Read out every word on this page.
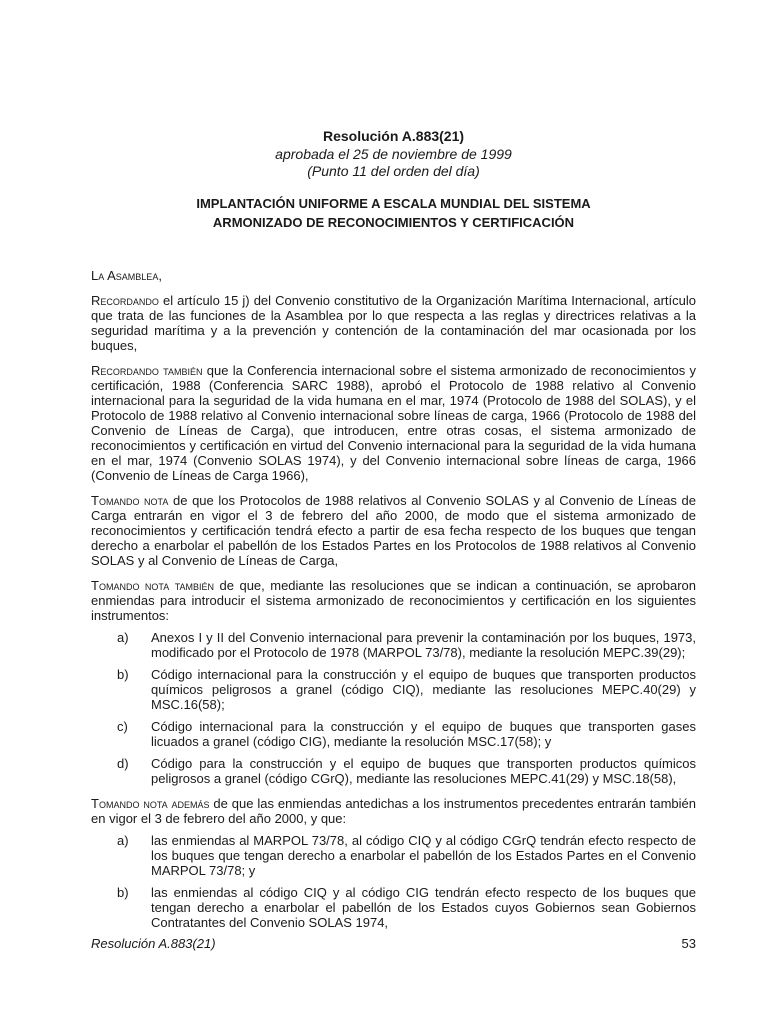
Resolución A.883(21)

aprobada el 25 de noviembre de 1999

(Punto 11 del orden del día)

IMPLANTACIÓN UNIFORME A ESCALA MUNDIAL DEL SISTEMA
ARMONIZADO DE RECONOCIMIENTOS Y CERTIFICACIÓN

La Asamblea,

Recordando el artículo 15 j) del Convenio constitutivo de la Organización Marítima Internacional, artículo que trata de las funciones de la Asamblea por lo que respecta a las reglas y directrices relativas a la seguridad marítima y a la prevención y contención de la contaminación del mar ocasionada por los buques,

Recordando también que la Conferencia internacional sobre el sistema armonizado de reconocimientos y certificación, 1988 (Conferencia SARC 1988), aprobó el Protocolo de 1988 relativo al Convenio internacional para la seguridad de la vida humana en el mar, 1974 (Protocolo de 1988 del SOLAS), y el Protocolo de 1988 relativo al Convenio internacional sobre líneas de carga, 1966 (Protocolo de 1988 del Convenio de Líneas de Carga), que introducen, entre otras cosas, el sistema armonizado de reconocimientos y certificación en virtud del Convenio internacional para la seguridad de la vida humana en el mar, 1974 (Convenio SOLAS 1974), y del Convenio internacional sobre líneas de carga, 1966 (Convenio de Líneas de Carga 1966),

Tomando nota de que los Protocolos de 1988 relativos al Convenio SOLAS y al Convenio de Líneas de Carga entrarán en vigor el 3 de febrero del año 2000, de modo que el sistema armonizado de reconocimientos y certificación tendrá efecto a partir de esa fecha respecto de los buques que tengan derecho a enarbolar el pabellón de los Estados Partes en los Protocolos de 1988 relativos al Convenio SOLAS y al Convenio de Líneas de Carga,

Tomando nota también de que, mediante las resoluciones que se indican a continuación, se aprobaron enmiendas para introducir el sistema armonizado de reconocimientos y certificación en los siguientes instrumentos:

a)	Anexos I y II del Convenio internacional para prevenir la contaminación por los buques, 1973, modificado por el Protocolo de 1978 (MARPOL 73/78), mediante la resolución MEPC.39(29);
b)	Código internacional para la construcción y el equipo de buques que transporten productos químicos peligrosos a granel (código CIQ), mediante las resoluciones MEPC.40(29) y MSC.16(58);
c)	Código internacional para la construcción y el equipo de buques que transporten gases licuados a granel (código CIG), mediante la resolución MSC.17(58); y
d)	Código para la construcción y el equipo de buques que transporten productos químicos peligrosos a granel (código CGrQ), mediante las resoluciones MEPC.41(29) y MSC.18(58),

Tomando nota además de que las enmiendas antedichas a los instrumentos precedentes entrarán también en vigor el 3 de febrero del año 2000, y que:

a)	las enmiendas al MARPOL 73/78, al código CIQ y al código CGrQ tendrán efecto respecto de los buques que tengan derecho a enarbolar el pabellón de los Estados Partes en el Convenio MARPOL 73/78; y
b)	las enmiendas al código CIQ y al código CIG tendrán efecto respecto de los buques que tengan derecho a enarbolar el pabellón de los Estados cuyos Gobiernos sean Gobiernos Contratantes del Convenio SOLAS 1974,
Resolución A.883(21)	53
